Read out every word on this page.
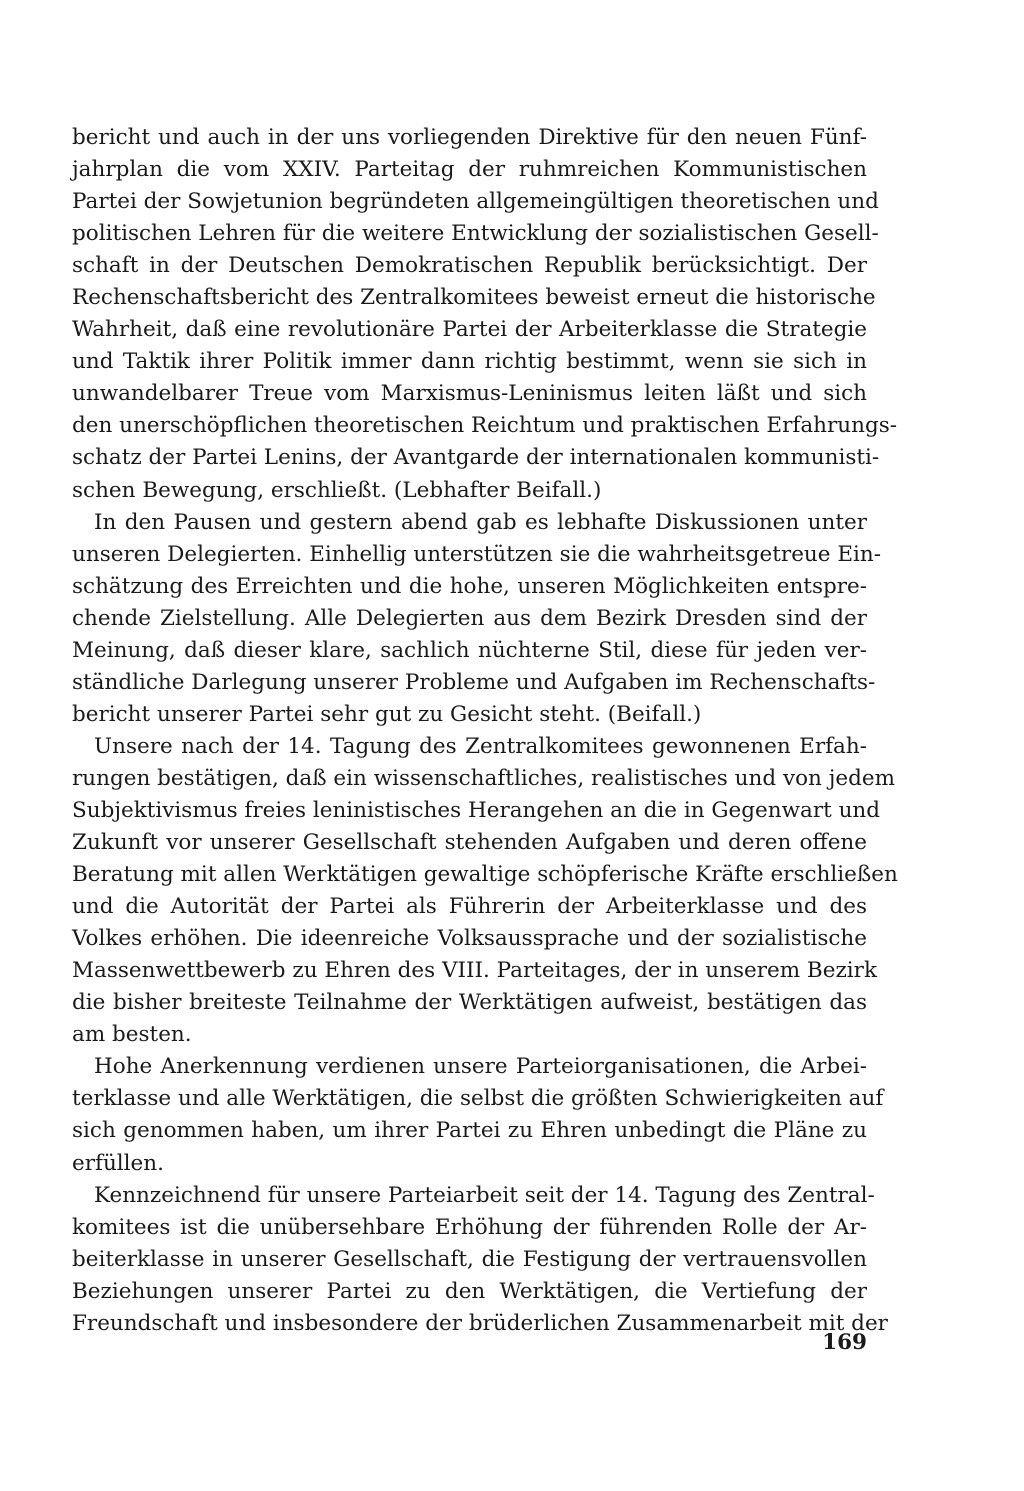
bericht und auch in der uns vorliegenden Direktive für den neuen Fünf-
jahrplan die vom XXIV. Parteitag der ruhmreichen Kommunistischen
Partei der Sowjetunion begründeten allgemeingültigen theoretischen und
politischen Lehren für die weitere Entwicklung der sozialistischen Gesell-
schaft in der Deutschen Demokratischen Republik berücksichtigt. Der
Rechenschaftsbericht des Zentralkomitees beweist erneut die historische
Wahrheit, daß eine revolutionäre Partei der Arbeiterklasse die Strategie
und Taktik ihrer Politik immer dann richtig bestimmt, wenn sie sich in
unwandelbarer Treue vom Marxismus-Leninismus leiten läßt und sich
den unerschöpflichen theoretischen Reichtum und praktischen Erfahrungs-
schatz der Partei Lenins, der Avantgarde der internationalen kommunisti-
schen Bewegung, erschließt. (Lebhafter Beifall.)
In den Pausen und gestern abend gab es lebhafte Diskussionen unter
unseren Delegierten. Einhellig unterstützen sie die wahrheitsgetreue Ein-
schätzung des Erreichten und die hohe, unseren Möglichkeiten entspre-
chende Zielstellung. Alle Delegierten aus dem Bezirk Dresden sind der
Meinung, daß dieser klare, sachlich nüchterne Stil, diese für jeden ver-
ständliche Darlegung unserer Probleme und Aufgaben im Rechenschafts-
bericht unserer Partei sehr gut zu Gesicht steht. (Beifall.)
Unsere nach der 14. Tagung des Zentralkomitees gewonnenen Erfah-
rungen bestätigen, daß ein wissenschaftliches, realistisches und von jedem
Subjektivismus freies leninistisches Herangehen an die in Gegenwart und
Zukunft vor unserer Gesellschaft stehenden Aufgaben und deren offene
Beratung mit allen Werktätigen gewaltige schöpferische Kräfte erschließen
und die Autorität der Partei als Führerin der Arbeiterklasse und des
Volkes erhöhen. Die ideenreiche Volksaussprache und der sozialistische
Massenwettbewerb zu Ehren des VIII. Parteitages, der in unserem Bezirk
die bisher breiteste Teilnahme der Werktätigen aufweist, bestätigen das
am besten.
Hohe Anerkennung verdienen unsere Parteiorganisationen, die Arbei-
terklasse und alle Werktätigen, die selbst die größten Schwierigkeiten auf
sich genommen haben, um ihrer Partei zu Ehren unbedingt die Pläne zu
erfüllen.
Kennzeichnend für unsere Parteiarbeit seit der 14. Tagung des Zentral-
komitees ist die unübersehbare Erhöhung der führenden Rolle der Ar-
beiterklasse in unserer Gesellschaft, die Festigung der vertrauensvollen
Beziehungen unserer Partei zu den Werktätigen, die Vertiefung der
Freundschaft und insbesondere der brüderlichen Zusammenarbeit mit der
169
